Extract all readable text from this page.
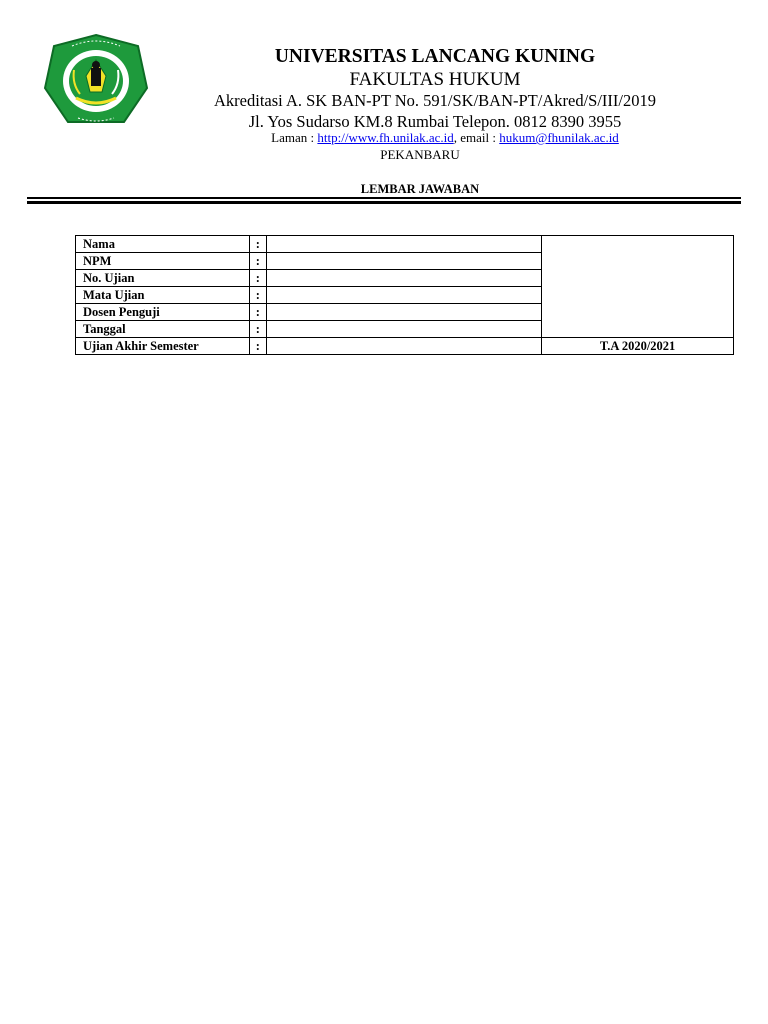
UNIVERSITAS LANCANG KUNING
FAKULTAS HUKUM
Akreditasi A. SK BAN-PT No. 591/SK/BAN-PT/Akred/S/III/2019
Jl. Yos Sudarso KM.8 Rumbai Telepon. 0812 8390 3955
Laman : http://www.fh.unilak.ac.id, email : hukum@fhunilak.ac.id
PEKANBARU
LEMBAR JAWABAN
Nama	:		
NPM	:		
No. Ujian	:		
Mata Ujian	:		
Dosen Penguji	:		
Tanggal	:		
Ujian Akhir Semester	:		T.A 2020/2021
